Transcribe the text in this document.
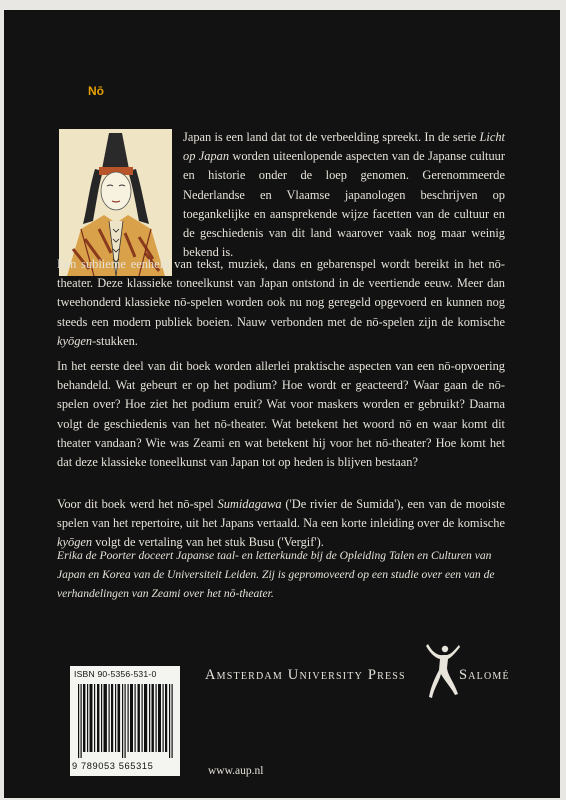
Nō
Japan is een land dat tot de verbeelding spreekt. In de serie Licht op Japan worden uiteenlopende aspecten van de Japanse cultuur en historie onder de loep genomen. Gerenommeerde Nederlandse en Vlaamse japanologen beschrijven op toegankelijke en aansprekende wijze facetten van de cultuur en de geschiedenis van dit land waarover vaak nog maar weinig bekend is.
Een sublieme eenheid van tekst, muziek, dans en gebarenspel wordt bereikt in het nō-theater. Deze klassieke toneelkunst van Japan ontstond in de veertiende eeuw. Meer dan tweehonderd klassieke nō-spelen worden ook nu nog geregeld opgevoerd en kunnen nog steeds een modern publiek boeien. Nauw verbonden met de nō-spelen zijn de komische kyōgen-stukken.
In het eerste deel van dit boek worden allerlei praktische aspecten van een nō-opvoering behandeld. Wat gebeurt er op het podium? Hoe wordt er geacteerd? Waar gaan de nō-spelen over? Hoe ziet het podium eruit? Wat voor maskers worden er gebruikt? Daarna volgt de geschiedenis van het nō-theater. Wat betekent het woord nō en waar komt dit theater vandaan? Wie was Zeami en wat betekent hij voor het nō-theater? Hoe komt het dat deze klassieke toneelkunst van Japan tot op heden is blijven bestaan?
Voor dit boek werd het nō-spel Sumidagawa ('De rivier de Sumida'), een van de mooiste spelen van het repertoire, uit het Japans vertaald. Na een korte inleiding over de komische kyōgen volgt de vertaling van het stuk Busu ('Vergif').
Erika de Poorter doceert Japanse taal- en letterkunde bij de Opleiding Talen en Culturen van Japan en Korea van de Universiteit Leiden. Zij is gepromoveerd op een studie over een van de verhandelingen van Zeami over het nō-theater.
ISBN 90-5356-531-0
9 789053 565315
Amsterdam University Press	Salomé
www.aup.nl
